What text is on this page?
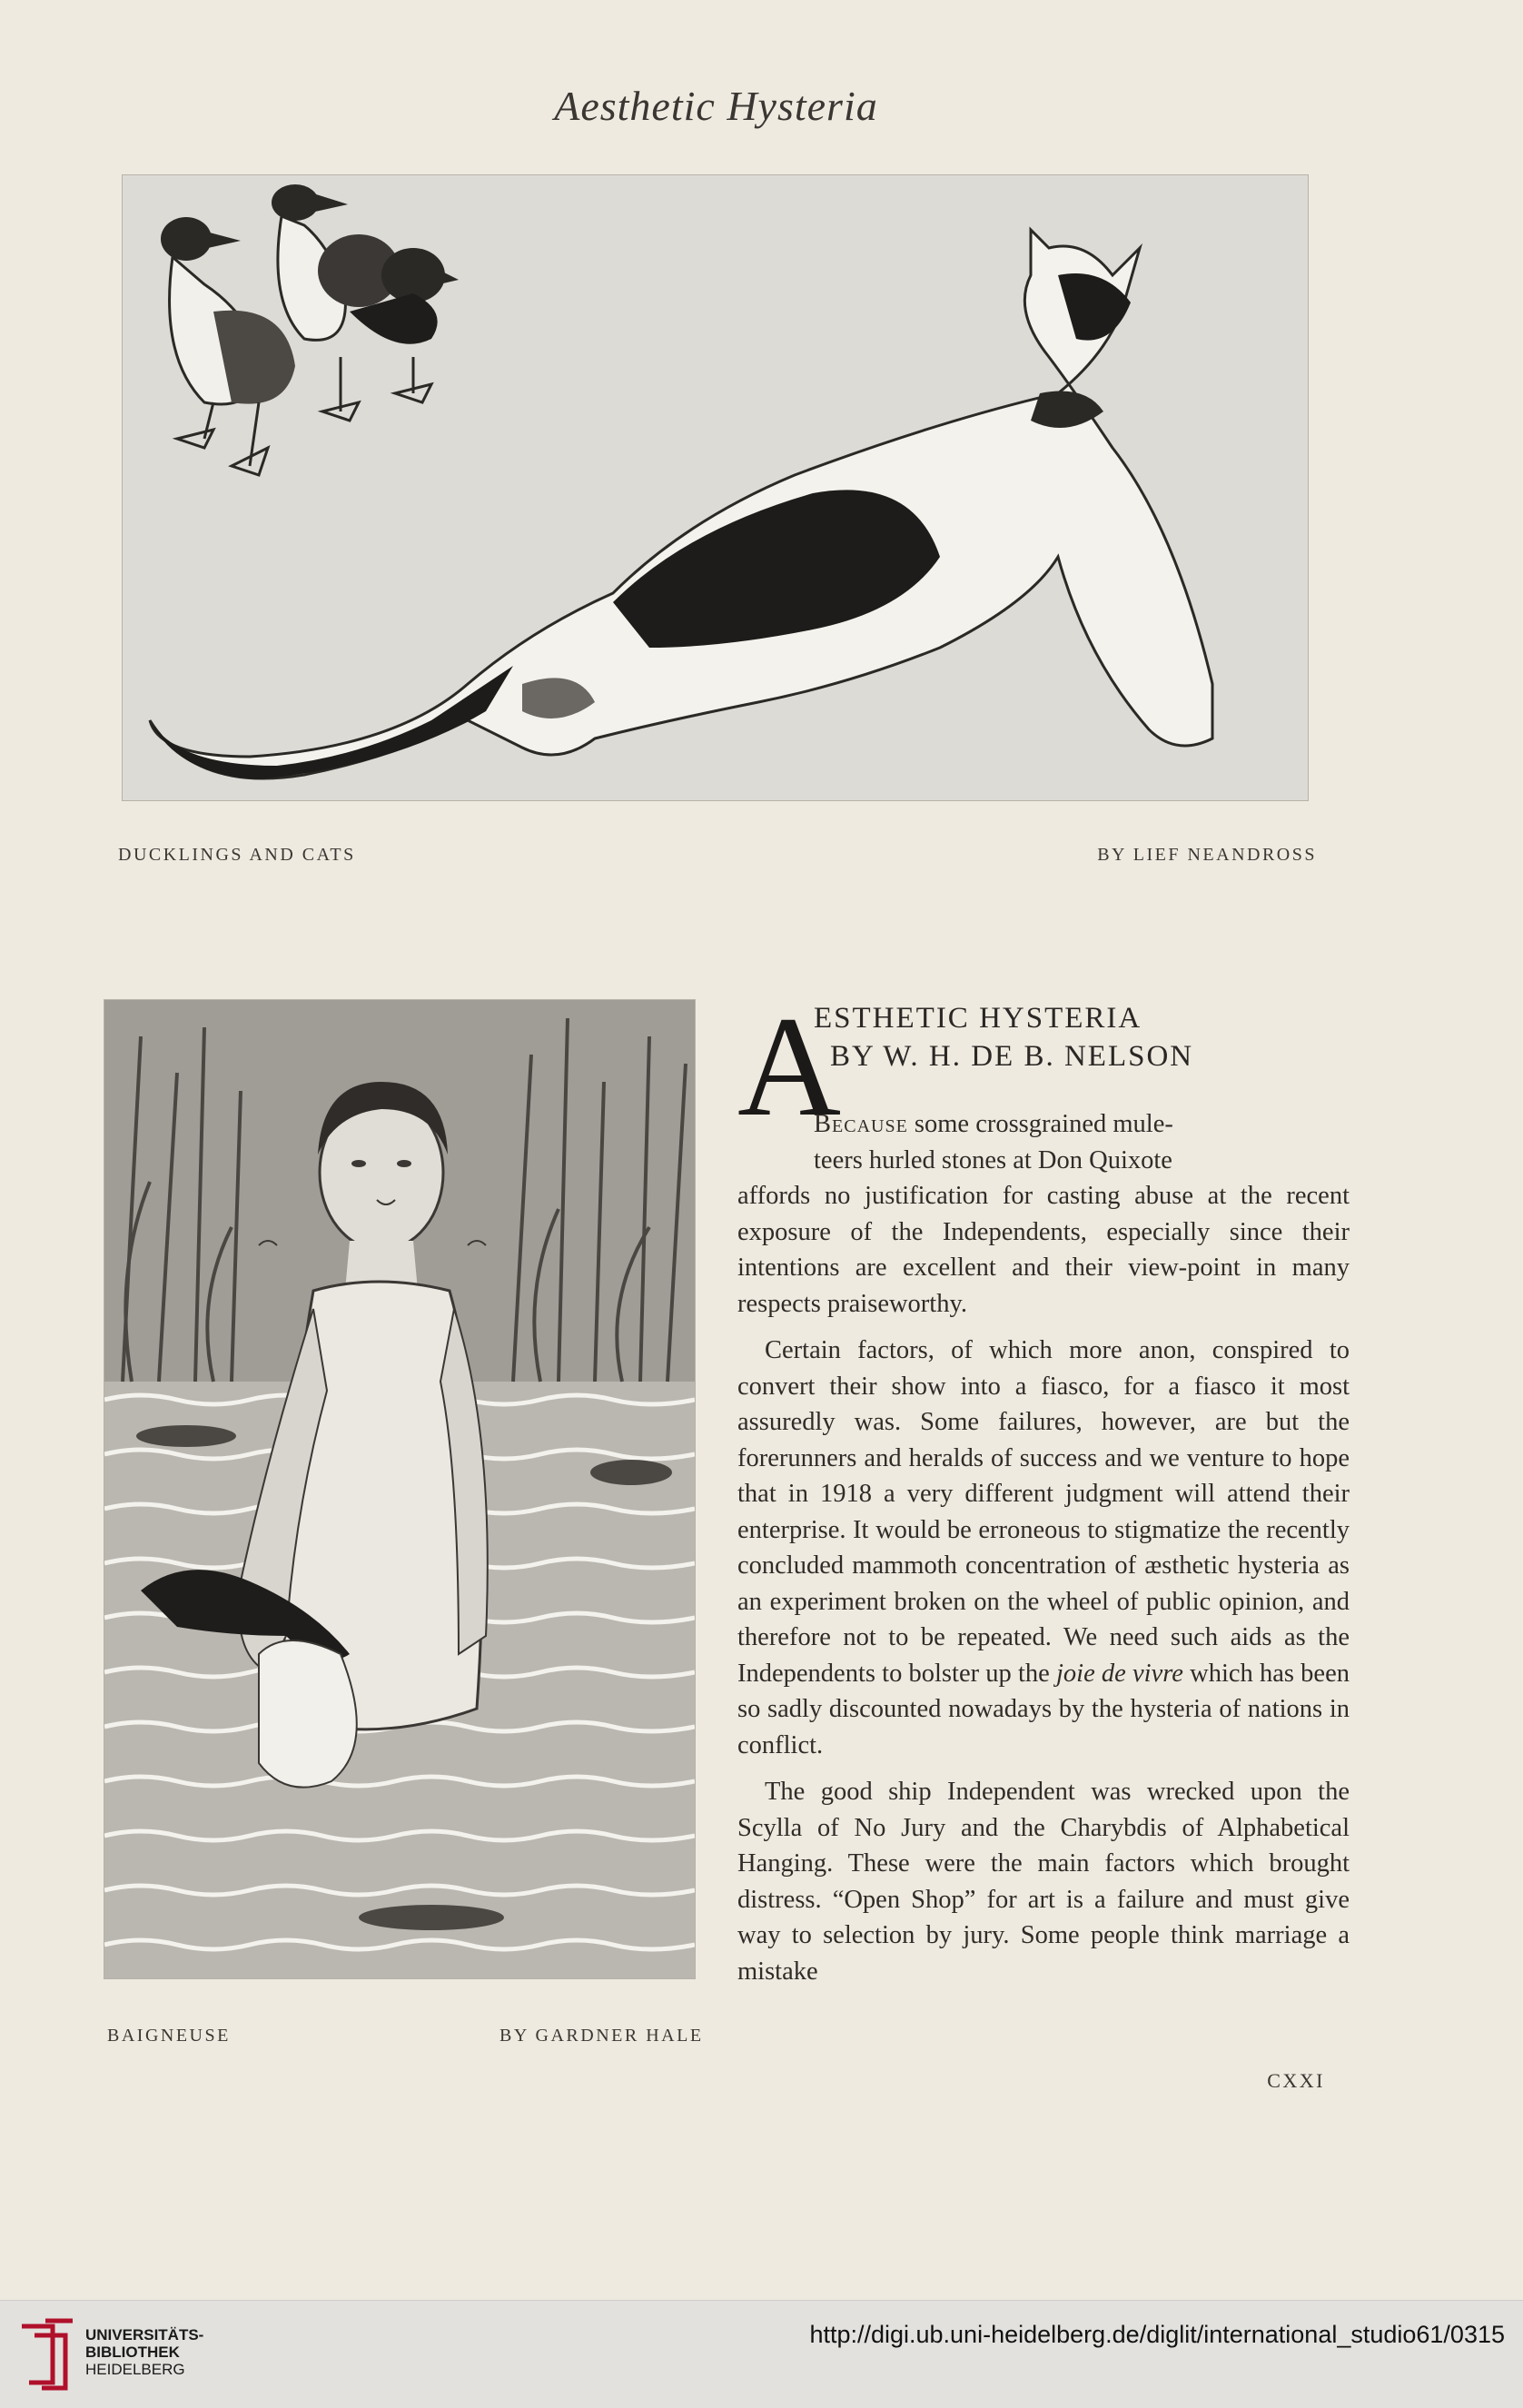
Aesthetic Hysteria
DUCKLINGS AND CATS	BY LIEF NEANDROSS
BAIGNEUSE	BY GARDNER HALE
A
ESTHETIC HYSTERIA
BY W. H. DE B. NELSON

Because some crossgrained mule-
teers hurled stones at Don Quixote
affords no justification for casting abuse at the recent exposure of the Independents, especially since their intentions are excellent and their view-point in many respects praiseworthy.

Certain factors, of which more anon, conspired to convert their show into a fiasco, for a fiasco it most assuredly was. Some failures, however, are but the forerunners and heralds of success and we venture to hope that in 1918 a very different judgment will attend their enterprise. It would be erroneous to stigmatize the recently concluded mammoth concentration of æsthetic hysteria as an experiment broken on the wheel of public opinion, and therefore not to be repeated. We need such aids as the Independents to bolster up the joie de vivre which has been so sadly discounted nowadays by the hysteria of nations in conflict.

The good ship Independent was wrecked upon the Scylla of No Jury and the Charybdis of Alphabetical Hanging. These were the main factors which brought distress. “Open Shop” for art is a failure and must give way to selection by jury. Some people think marriage a mistake

CXXI
UNIVERSITÄTS-
BIBLIOTHEK
HEIDELBERG
http://digi.ub.uni-heidelberg.de/diglit/international_studio61/0315
